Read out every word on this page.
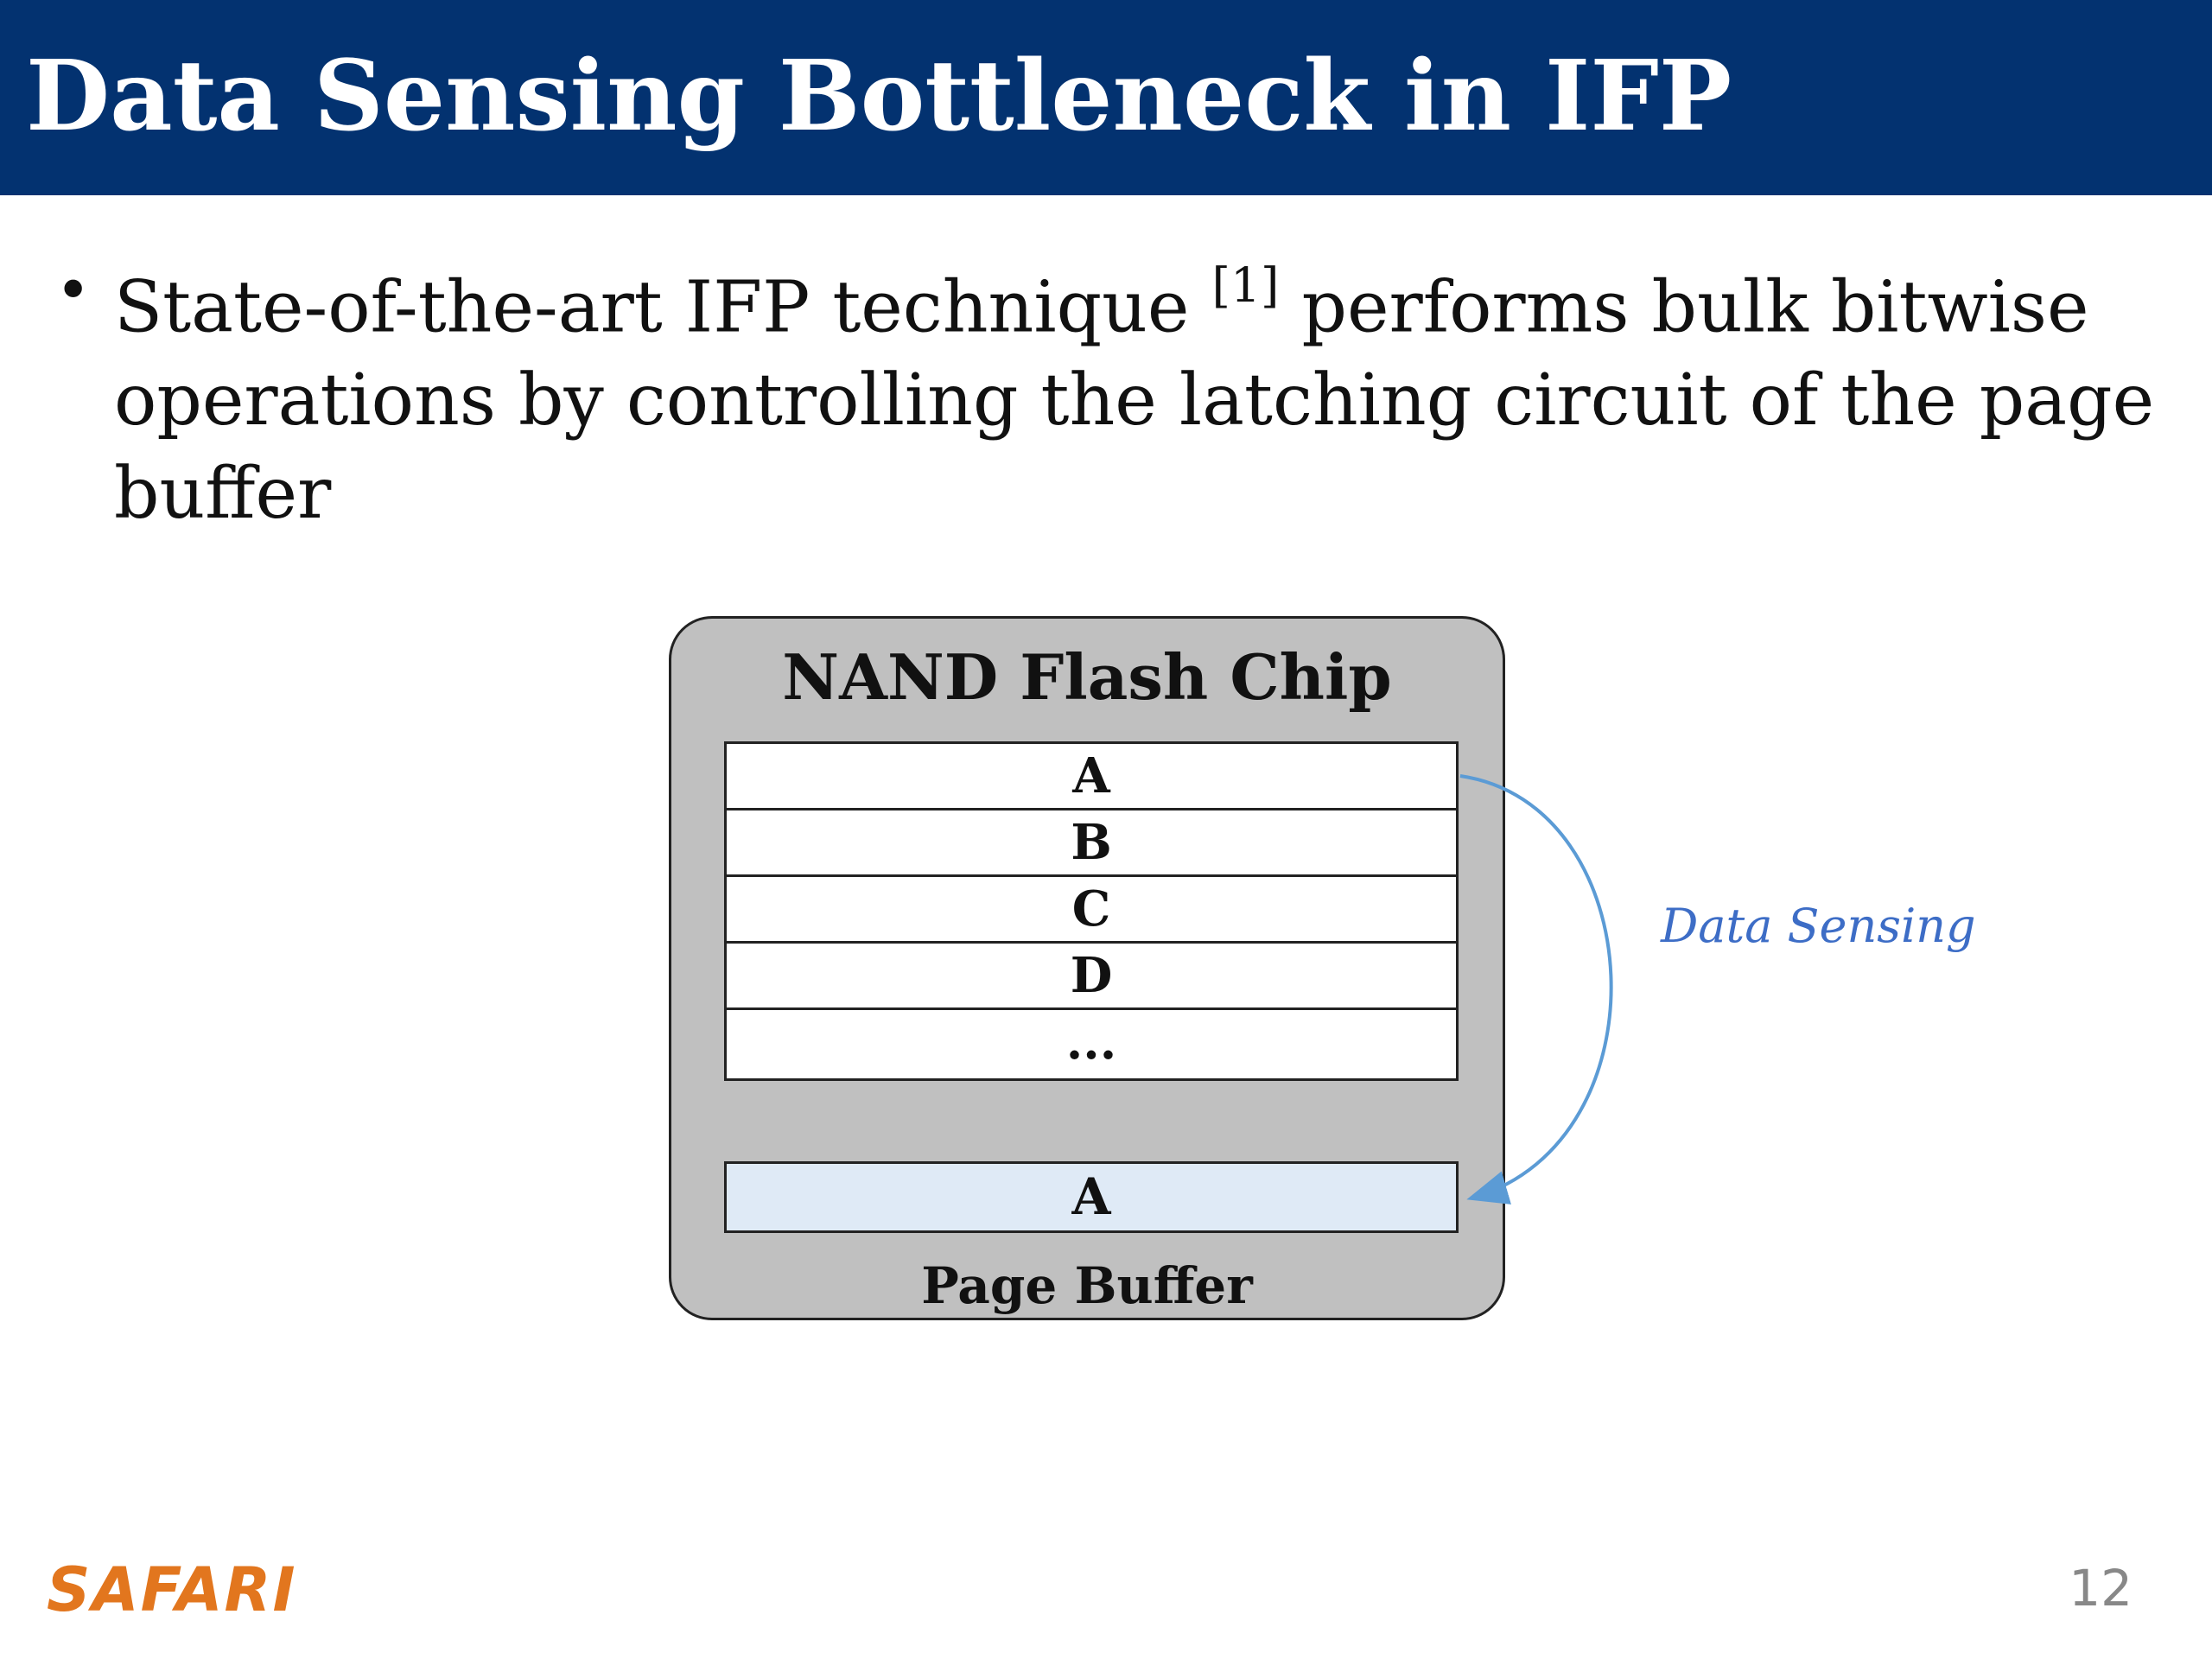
Data Sensing Bottleneck in IFP
• State-of-the-art IFP technique [1] performs bulk bitwise operations by controlling the latching circuit of the page buffer
NAND Flash Chip
A
B
C
D
...
A
Page Buffer
Data Sensing
SAFARI	12
